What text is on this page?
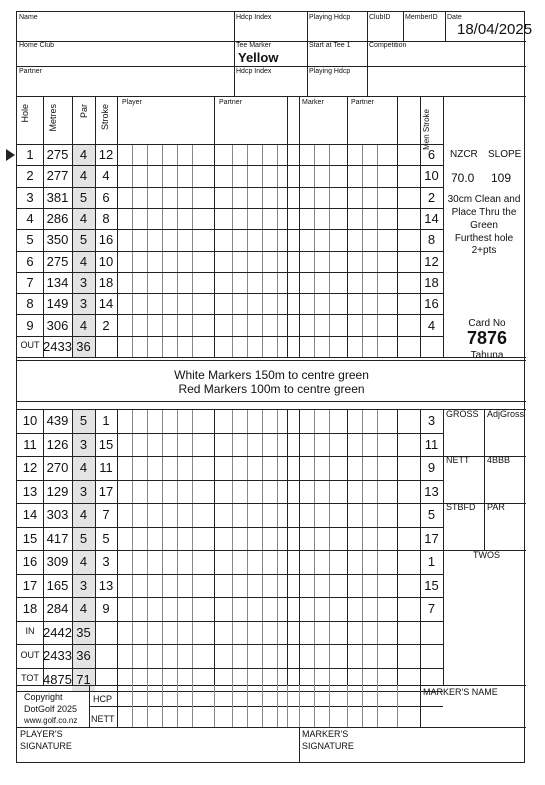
Name	Hdcp Index	Playing Hdcp	ClubID MemberID Date
18/04/2025
Home Club	Tee Marker
Yellow
Start at Tee 1	Competition
Partner	Hdcp Index	Playing Hdcp
Hole Metres Par Stroke
Player	Partner	Marker	Partner
Men Stroke
1	275 4 12	6
2	277 4	4	10
3	381 5	6	2
4	286 4	8	14
5	350 5 16	8
6	275 4 10	12
7	134 3 18	18
8	149 3 14	16
9	306 4	2	4
OUT 2433 36
10 439 5	1	3
11 126 3 15	11
12 270 4 11	9
13 129 3 17	13
14 303 4	7	5
15 417 5	5	17
16 309 4	3	1
17 165 3 13	15
18 284 4	9	7
IN 2442 35
OUT 2433 36
TOT 4875 71
NZCR SLOPE
70.0 109
30cm Clean and
Place Thru the
Green
Furthest hole
2+pts
Card No
7876
Tahuna
White Markers 150m to centre green
Red Markers 100m to centre green
GROSS AdjGross
NETT 4BBB
STBFD PAR
TWOS
Copyright
DotGolf 2025
www.golf.co.nz
HCP
NETT
MARKER'S NAME
PLAYER'S
SIGNATURE
MARKER'S
SIGNATURE
